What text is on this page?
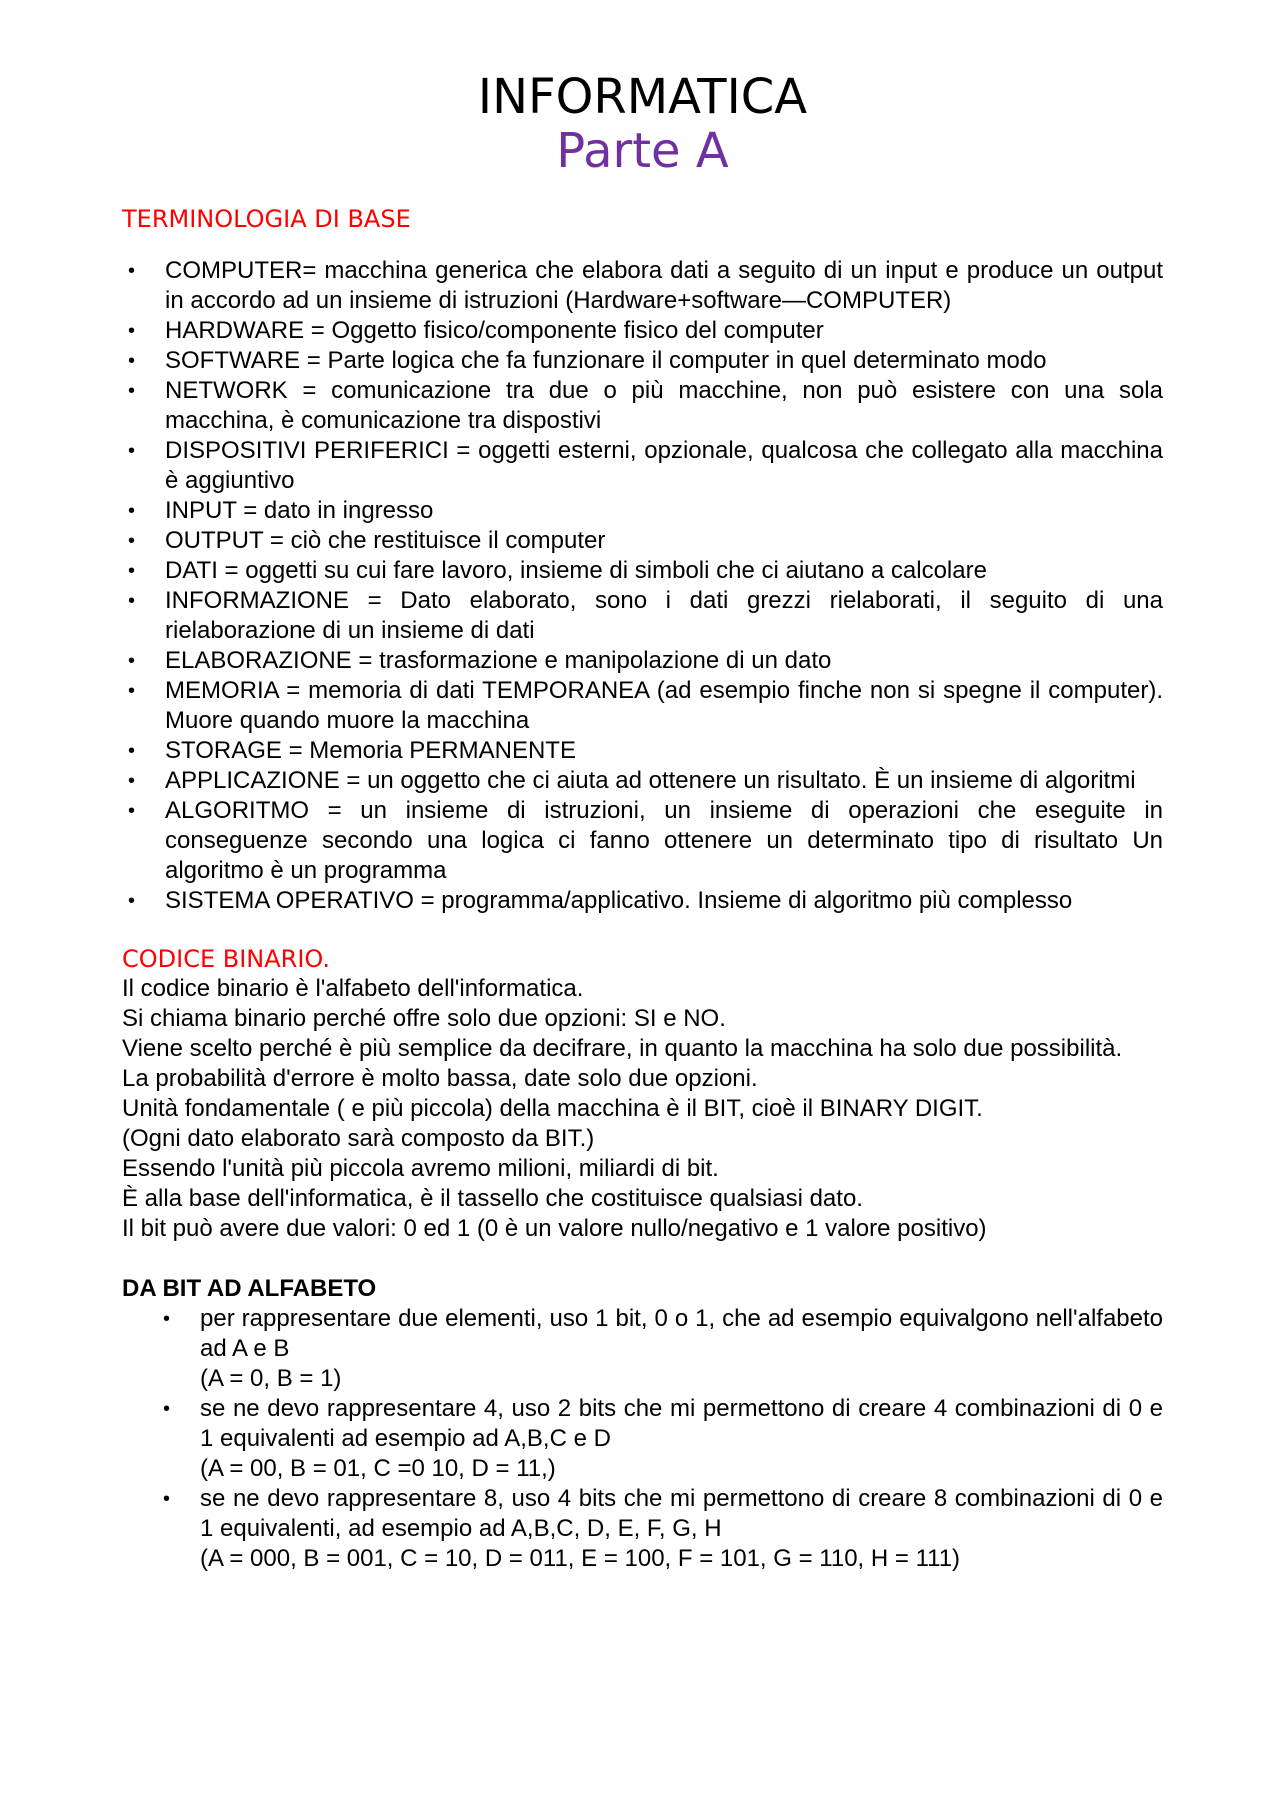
INFORMATICA
Parte A
TERMINOLOGIA DI BASE
• COMPUTER= macchina generica che elabora dati a seguito di un input e produce un output in accordo ad un insieme di istruzioni (Hardware+software—COMPUTER)
• HARDWARE = Oggetto fisico/componente fisico del computer
• SOFTWARE = Parte logica che fa funzionare il computer in quel determinato modo
• NETWORK = comunicazione tra due o più macchine, non può esistere con una sola macchina, è comunicazione tra dispostivi
• DISPOSITIVI PERIFERICI = oggetti esterni, opzionale, qualcosa che collegato alla macchina è aggiuntivo
• INPUT = dato in ingresso
• OUTPUT = ciò che restituisce il computer
• DATI = oggetti su cui fare lavoro, insieme di simboli che ci aiutano a calcolare
• INFORMAZIONE = Dato elaborato, sono i dati grezzi rielaborati, il seguito di una rielaborazione di un insieme di dati
• ELABORAZIONE = trasformazione e manipolazione di un dato
• MEMORIA = memoria di dati TEMPORANEA (ad esempio finche non si spegne il computer). Muore quando muore la macchina
• STORAGE = Memoria PERMANENTE
• APPLICAZIONE = un oggetto che ci aiuta ad ottenere un risultato. È un insieme di algoritmi
• ALGORITMO = un insieme di istruzioni, un insieme di operazioni che eseguite in conseguenze secondo una logica ci fanno ottenere un determinato tipo di risultato Un algoritmo è un programma
• SISTEMA OPERATIVO = programma/applicativo. Insieme di algoritmo più complesso
CODICE BINARIO.

Il codice binario è l'alfabeto dell'informatica.

Si chiama binario perché offre solo due opzioni: SI e NO.

Viene scelto perché è più semplice da decifrare, in quanto la macchina ha solo due possibilità.

La probabilità d'errore è molto bassa, date solo due opzioni.

Unità fondamentale ( e più piccola) della macchina è il BIT, cioè il BINARY DIGIT.

(Ogni dato elaborato sarà composto da BIT.)

Essendo l'unità più piccola avremo milioni, miliardi di bit.

È alla base dell'informatica, è il tassello che costituisce qualsiasi dato.

Il bit può avere due valori: 0 ed 1 (0 è un valore nullo/negativo e 1 valore positivo)

DA BIT AD ALFABETO
• per rappresentare due elementi, uso 1 bit, 0 o 1, che ad esempio equivalgono nell'alfabeto ad A e B
(A = 0, B = 1)
• se ne devo rappresentare 4, uso 2 bits che mi permettono di creare 4 combinazioni di 0 e 1 equivalenti ad esempio ad A,B,C e D
(A = 00, B = 01, C =0 10, D = 11,)
• se ne devo rappresentare 8, uso 4 bits che mi permettono di creare 8 combinazioni di 0 e 1 equivalenti, ad esempio ad A,B,C, D, E, F, G, H
(A = 000, B = 001, C = 10, D = 011, E = 100, F = 101, G = 110, H = 111)
